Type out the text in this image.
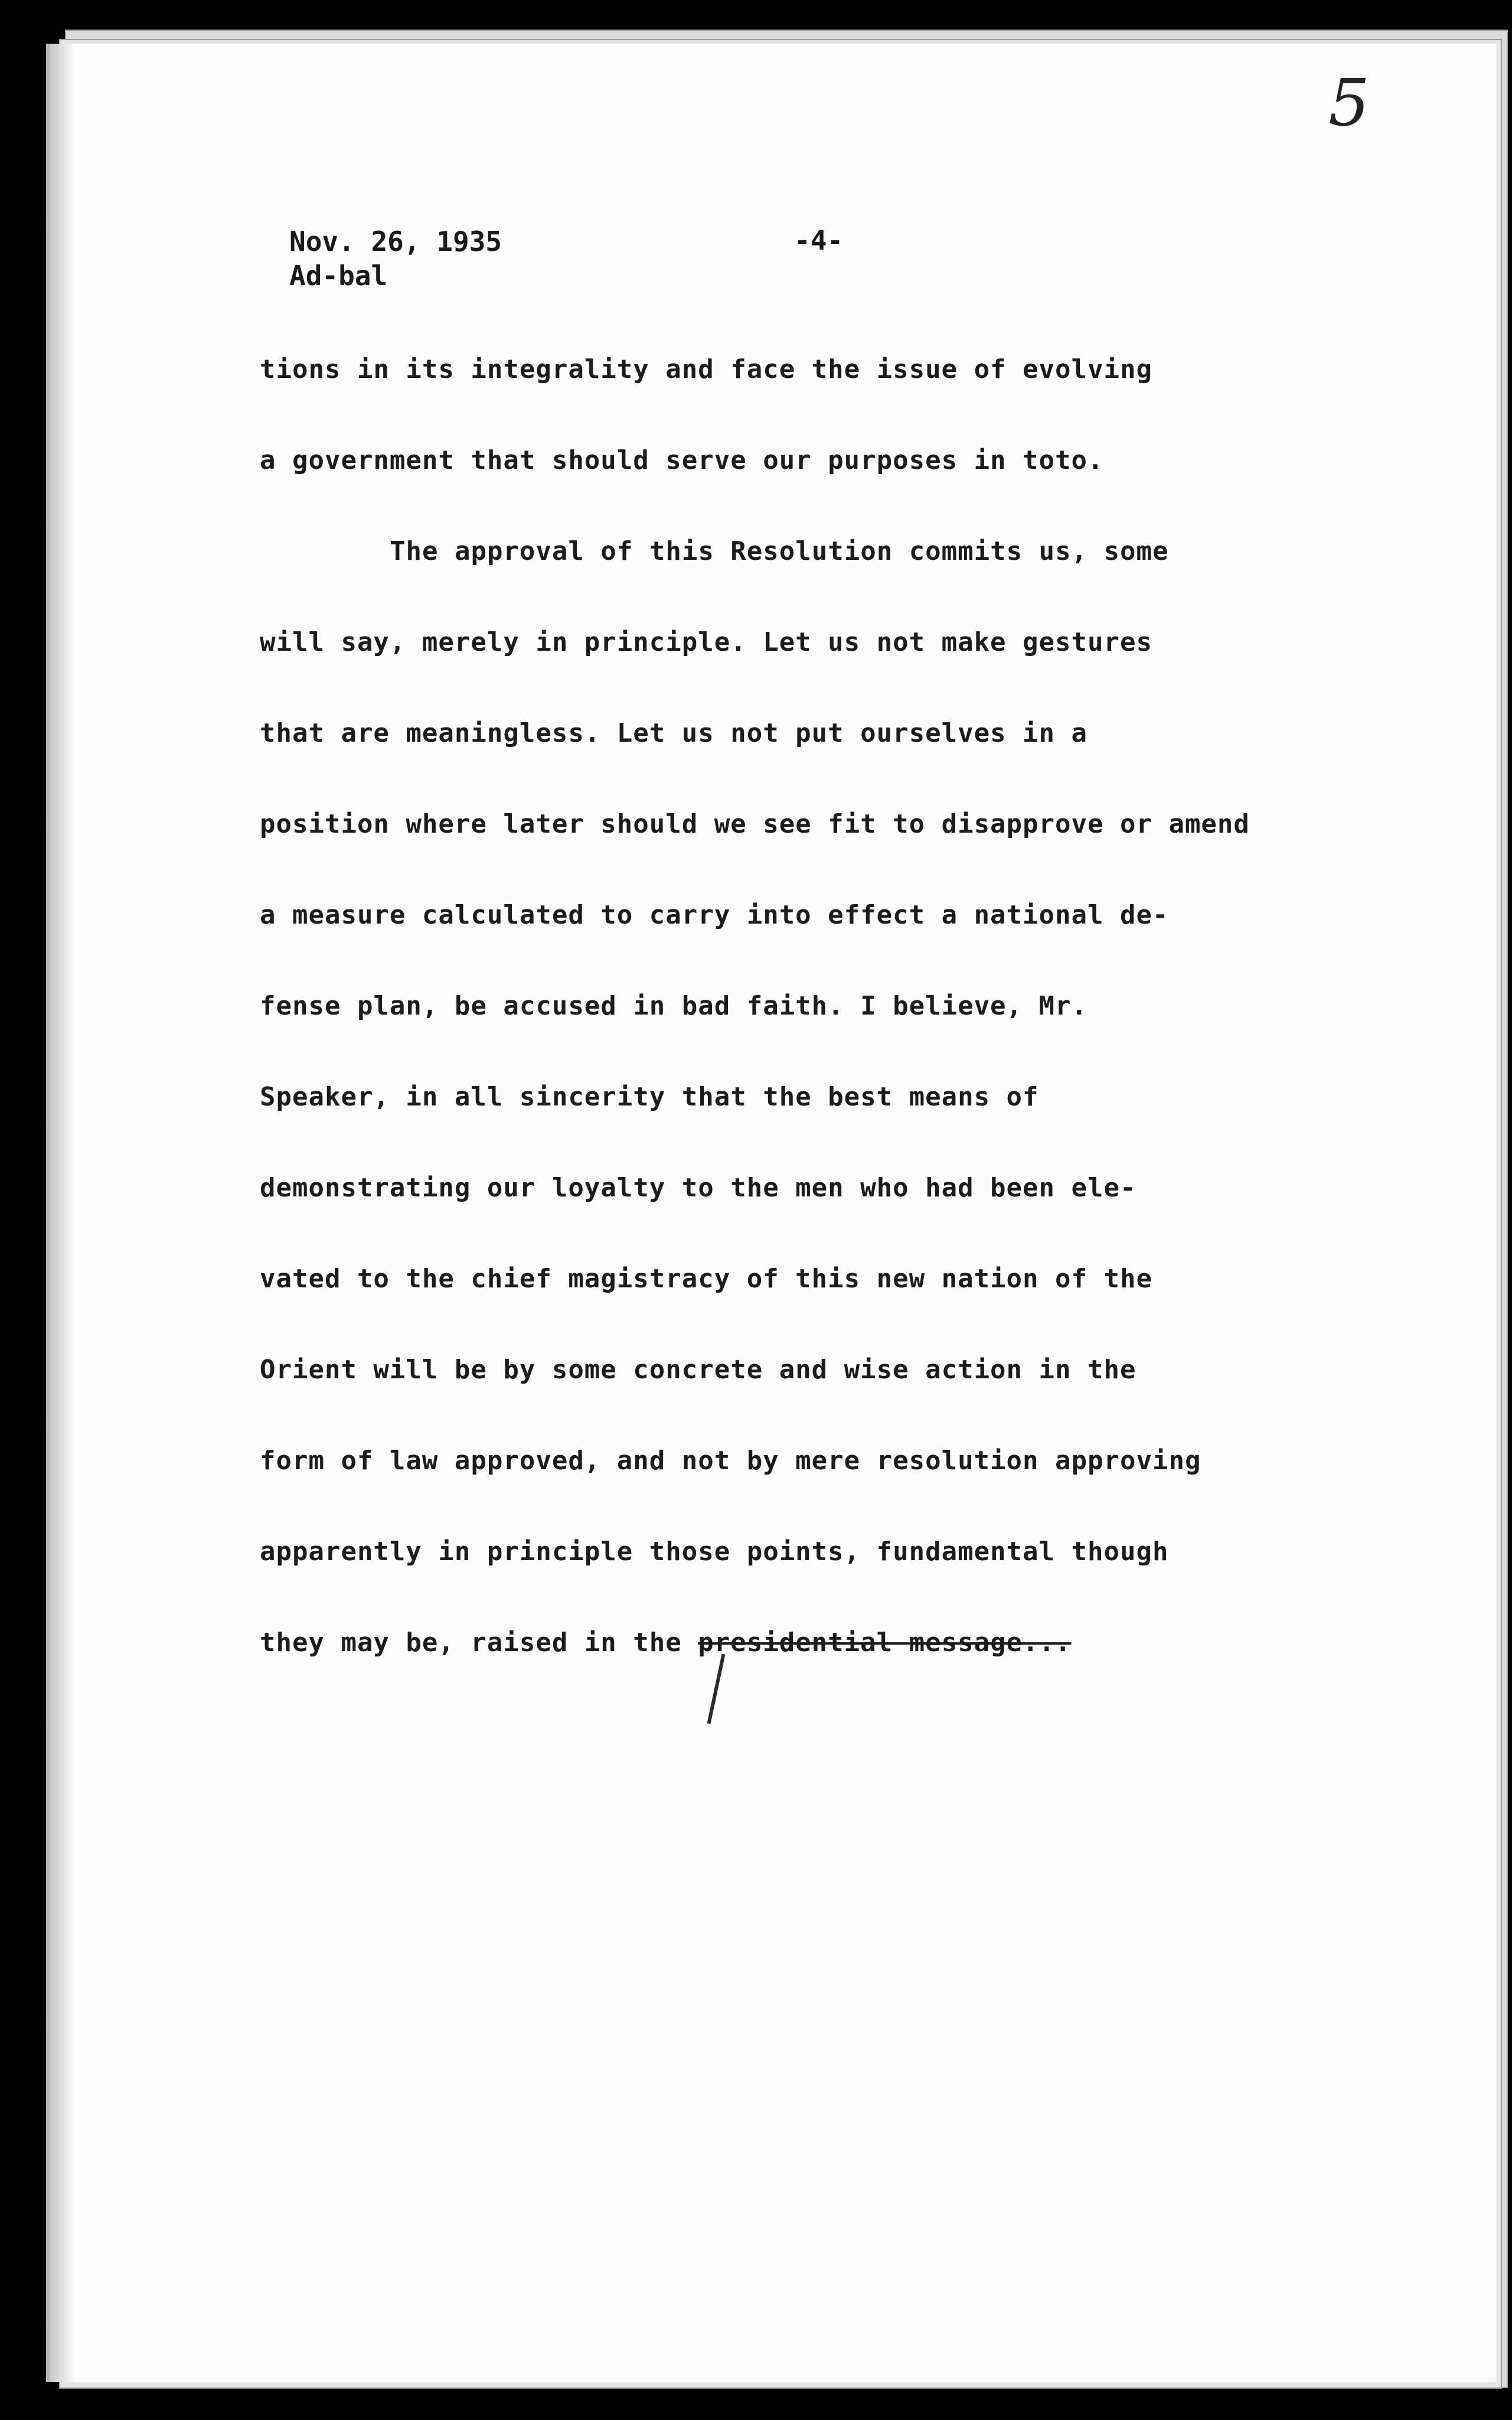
5
Nov. 26, 1935
Ad-bal
-4-
tions in its integrality and face the issue of evolving
a government that should serve our purposes in toto.
The approval of this Resolution commits us, some
will say, merely in principle. Let us not make gestures
that are meaningless. Let us not put ourselves in a
position where later should we see fit to disapprove or amend
a measure calculated to carry into effect a national de-
fense plan, be accused in bad faith. I believe, Mr.
Speaker, in all sincerity that the best means of
demonstrating our loyalty to the men who had been ele-
vated to the chief magistracy of this new nation of the
Orient will be by some concrete and wise action in the
form of law approved, and not by mere resolution approving
apparently in principle those points, fundamental though
they may be, raised in the presidential message...
